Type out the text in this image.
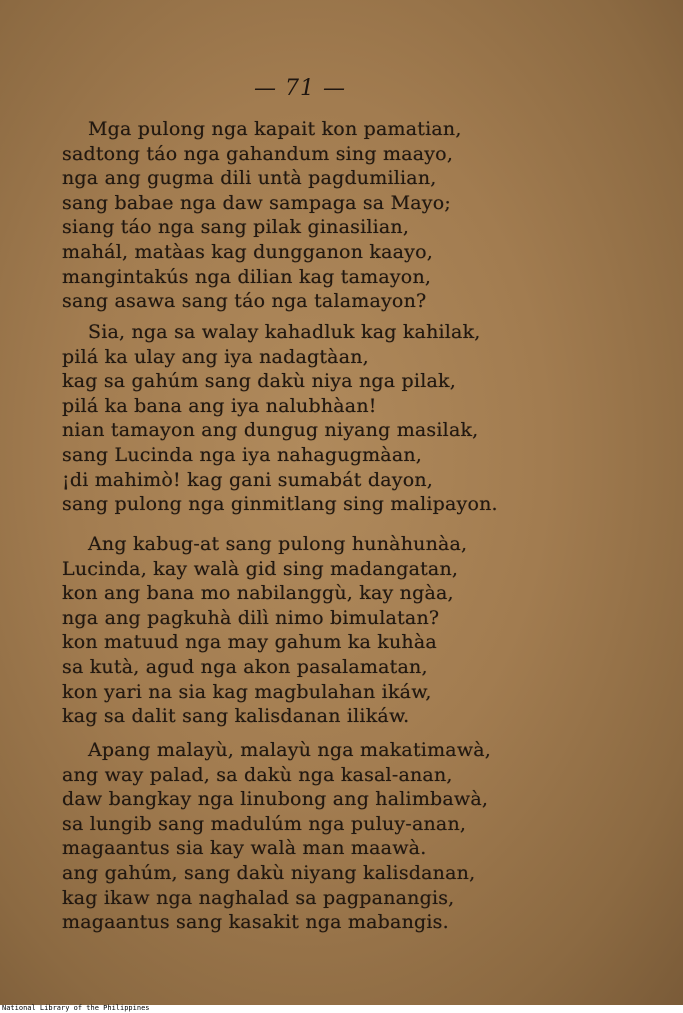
— 71 —
Mga pulong nga kapait kon pamatian,
sadtong táo nga gahandum sing maayo,
nga ang gugma dili untà pagdumilian,
sang babae nga daw sampaga sa Mayo;
siang táo nga sang pilak ginasilian,
mahál, matàas kag dungganon kaayo,
mangintakús nga dilian kag tamayon,
sang asawa sang táo nga talamayon?
Sia, nga sa walay kahadluk kag kahilak,
pilá ka ulay ang iya nadagtàan,
kag sa gahúm sang dakù niya nga pilak,
pilá ka bana ang iya nalubhàan!
nian tamayon ang dungug niyang masilak,
sang Lucinda nga iya nahagugmàan,
¡di mahimò! kag gani sumabát dayon,
sang pulong nga ginmitlang sing malipayon.
Ang kabug-at sang pulong hunàhunàa,
Lucinda, kay walà gid sing madangatan,
kon ang bana mo nabilanggù, kay ngàa,
nga ang pagkuhà dilì nimo bimulatan?
kon matuud nga may gahum ka kuhàa
sa kutà, agud nga akon pasalamatan,
kon yari na sia kag magbulahan ikáw,
kag sa dalit sang kalisdanan ilikáw.
Apang malayù, malayù nga makatimawà,
ang way palad, sa dakù nga kasal-anan,
daw bangkay nga linubong ang halimbawà,
sa lungib sang madulúm nga puluy-anan,
magaantus sia kay walà man maawà.
ang gahúm, sang dakù niyang kalisdanan,
kag ikaw nga naghalad sa pagpanangis,
magaantus sang kasakit nga mabangis.
National Library of the Philippines
